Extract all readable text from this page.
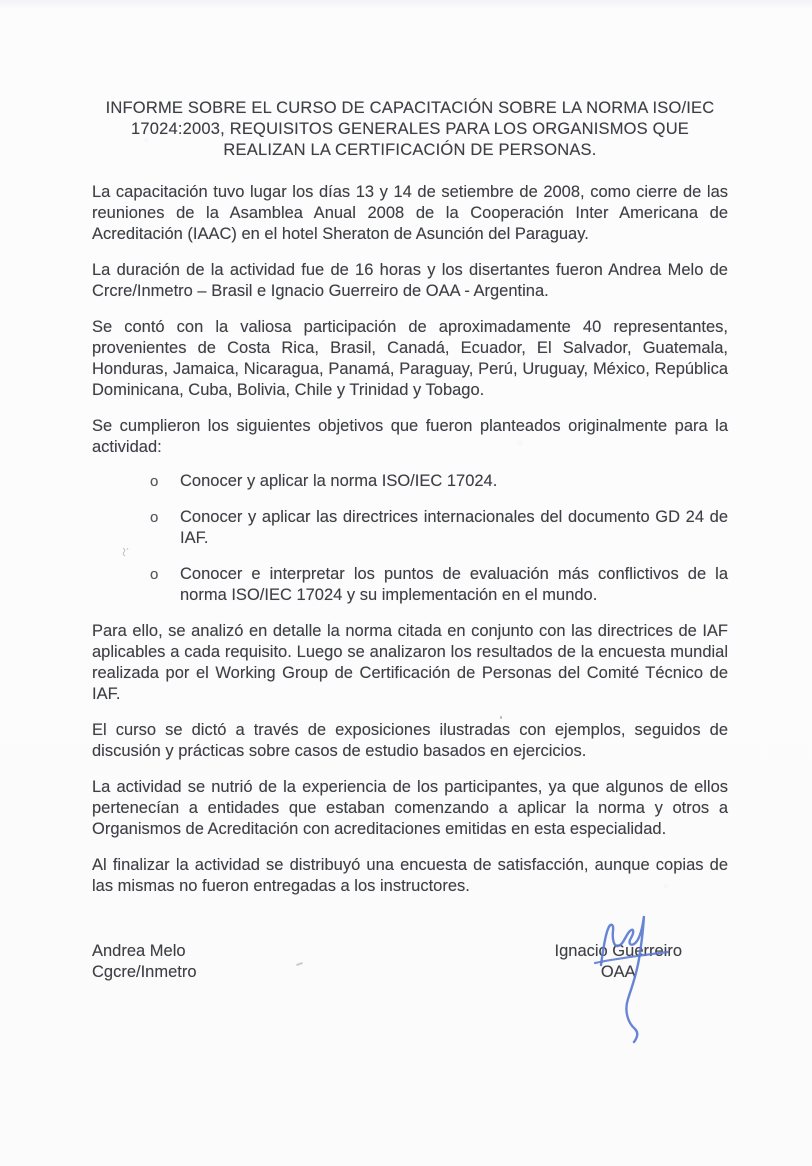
INFORME SOBRE EL CURSO DE CAPACITACIÓN SOBRE LA NORMA ISO/IEC 17024:2003, REQUISITOS GENERALES PARA LOS ORGANISMOS QUE REALIZAN LA CERTIFICACIÓN DE PERSONAS.

La capacitación tuvo lugar los días 13 y 14 de setiembre de 2008, como cierre de las reuniones de la Asamblea Anual 2008 de la Cooperación Inter Americana de Acreditación (IAAC) en el hotel Sheraton de Asunción del Paraguay.

La duración de la actividad fue de 16 horas y los disertantes fueron Andrea Melo de Crcre/Inmetro – Brasil e Ignacio Guerreiro de OAA - Argentina.

Se contó con la valiosa participación de aproximadamente 40 representantes, provenientes de Costa Rica, Brasil, Canadá, Ecuador, El Salvador, Guatemala, Honduras, Jamaica, Nicaragua, Panamá, Paraguay, Perú, Uruguay, México, República Dominicana, Cuba, Bolivia, Chile y Trinidad y Tobago.

Se cumplieron los siguientes objetivos que fueron planteados originalmente para la actividad:

o	Conocer y aplicar la norma ISO/IEC 17024.
o	Conocer y aplicar las directrices internacionales del documento GD 24 de IAF.
o	Conocer e interpretar los puntos de evaluación más conflictivos de la norma ISO/IEC 17024 y su implementación en el mundo.

Para ello, se analizó en detalle la norma citada en conjunto con las directrices de IAF aplicables a cada requisito. Luego se analizaron los resultados de la encuesta mundial realizada por el Working Group de Certificación de Personas del Comité Técnico de IAF.

El curso se dictó a través de exposiciones ilustradas con ejemplos, seguidos de discusión y prácticas sobre casos de estudio basados en ejercicios.

La actividad se nutrió de la experiencia de los participantes, ya que algunos de ellos pertenecían a entidades que estaban comenzando a aplicar la norma y otros a Organismos de Acreditación con acreditaciones emitidas en esta especialidad.

Al finalizar la actividad se distribuyó una encuesta de satisfacción, aunque copias de las mismas no fueron entregadas a los instructores.

Andrea Melo
Cgcre/Inmetro
Ignacio Guerreiro
OAA
